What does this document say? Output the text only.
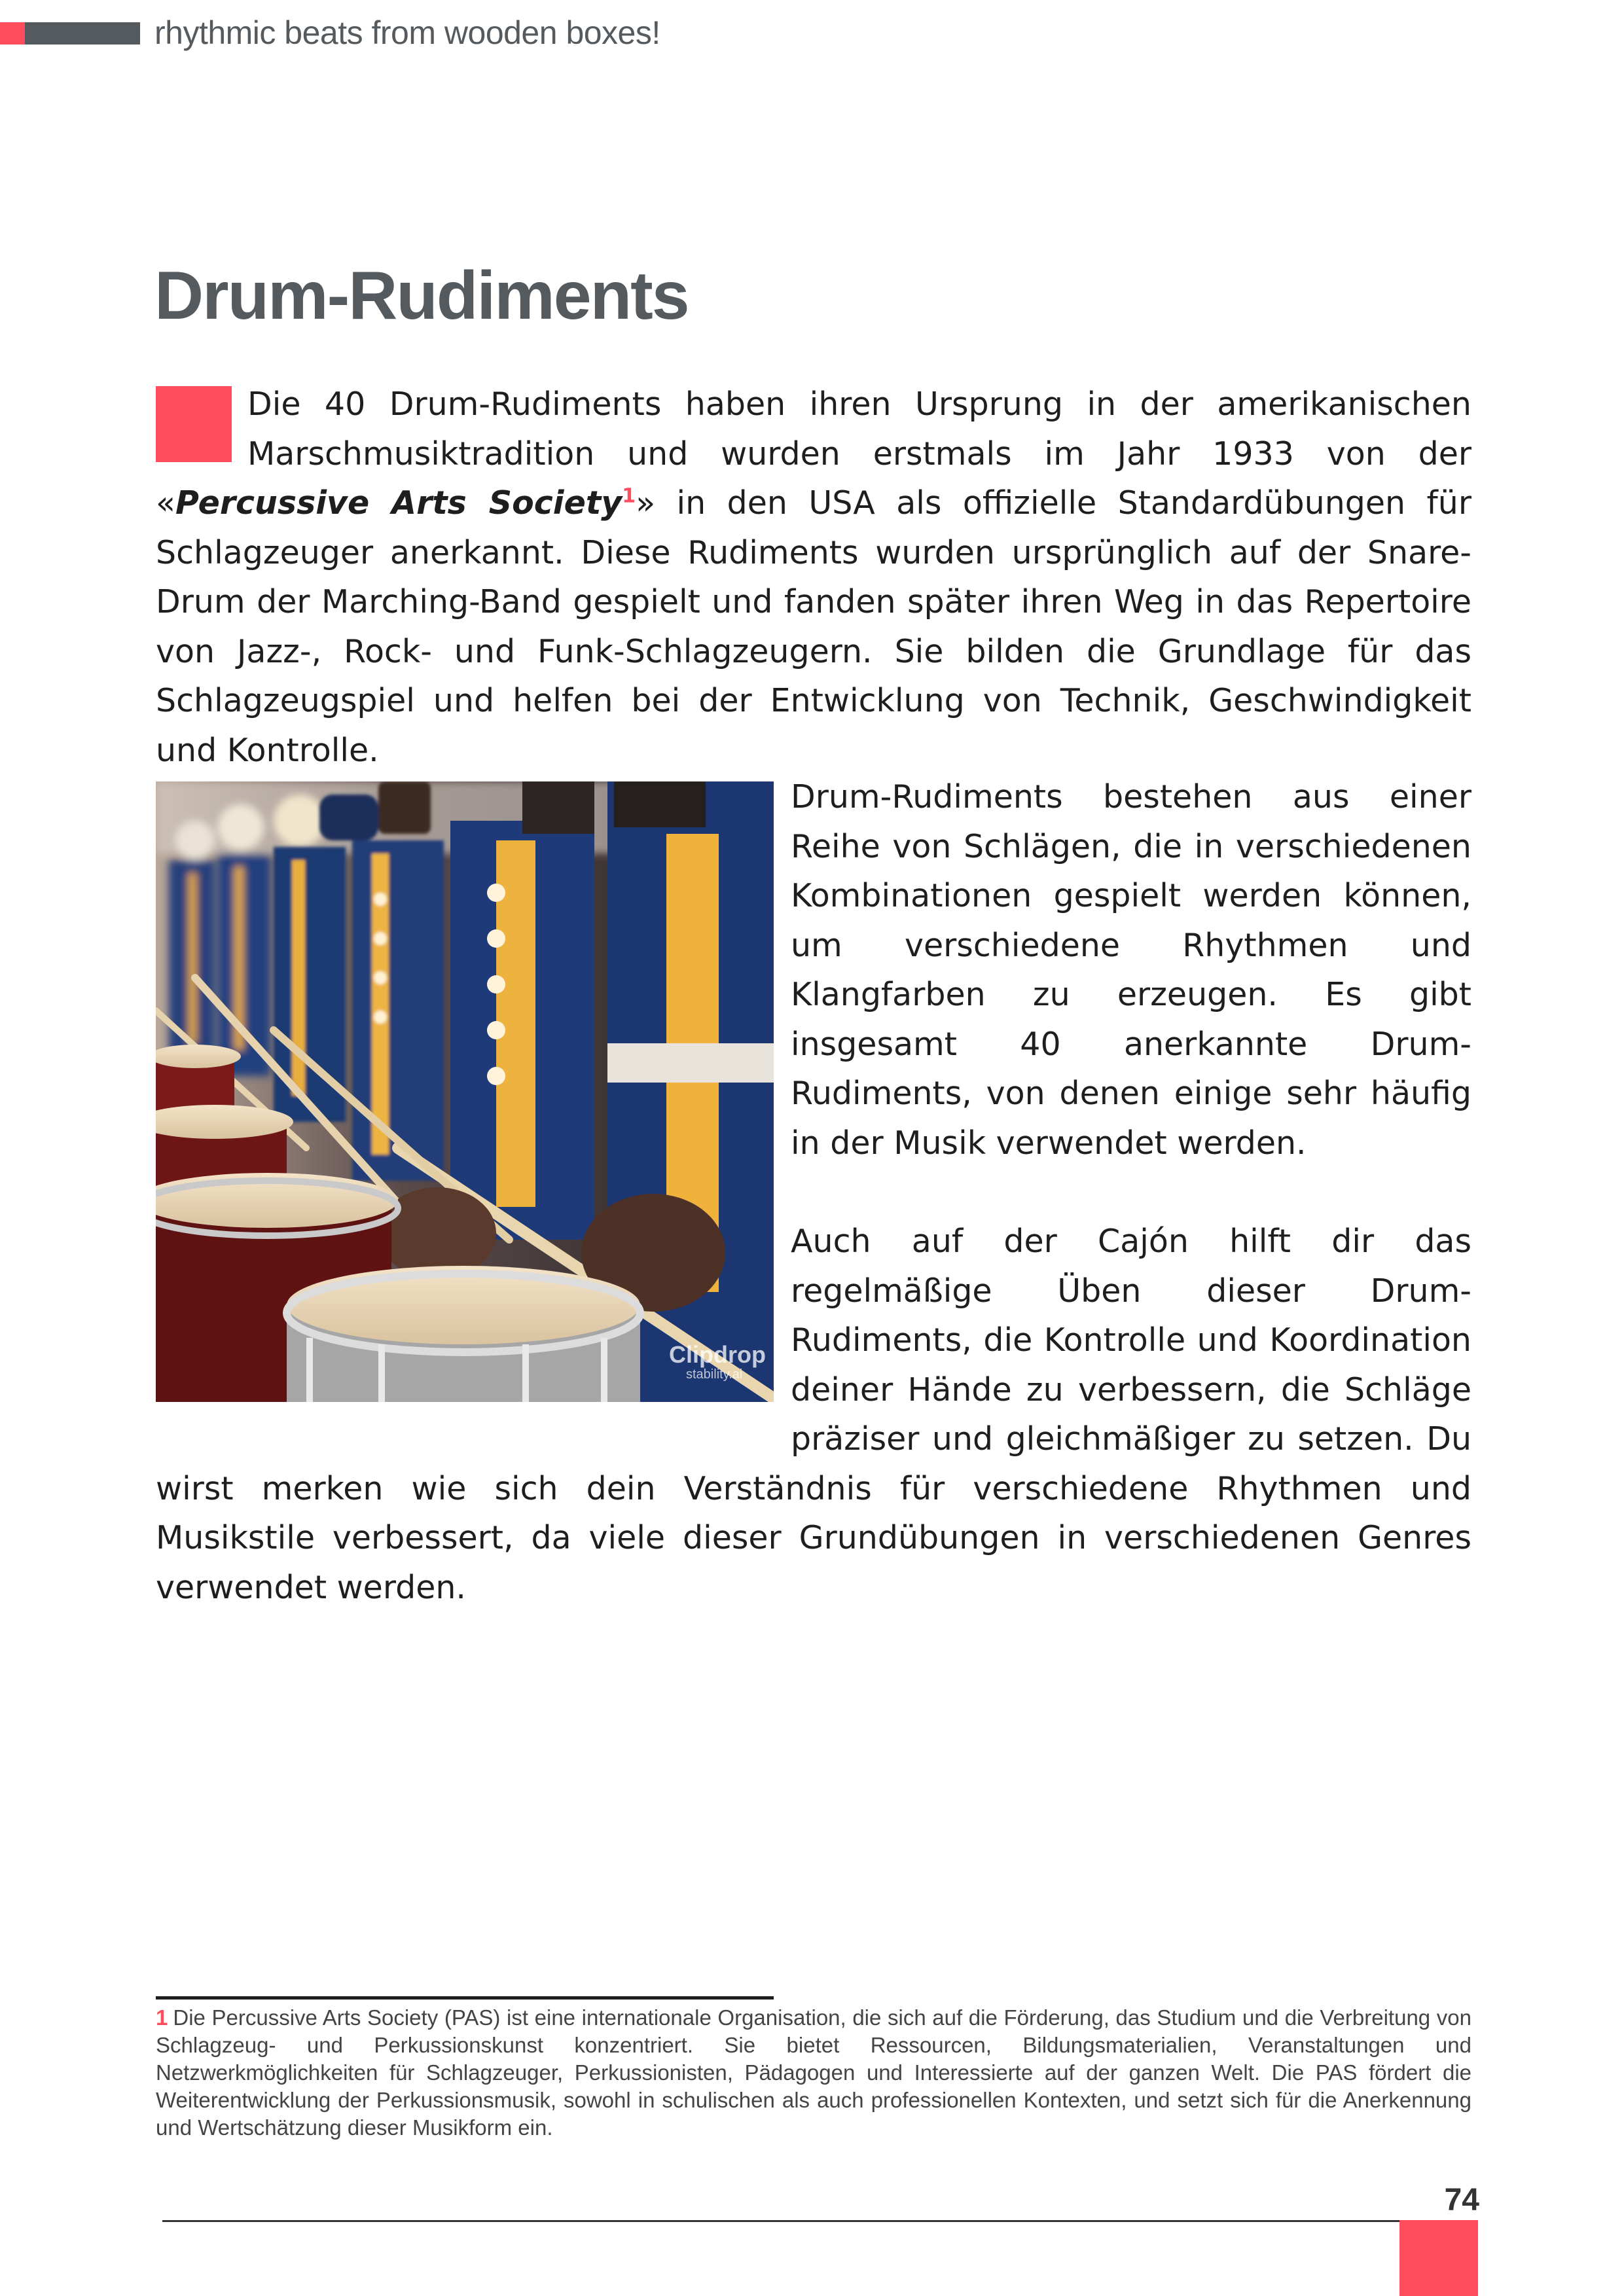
rhythmic beats from wooden boxes!
Drum-Rudiments

Die 40 Drum-Rudiments haben ihren Ursprung in der amerikanischen Marschmusiktradition und wurden erstmals im Jahr 1933 von der «Percussive Arts Society$^1$» in den USA als offizielle Standardübungen für Schlagzeuger anerkannt. Diese Rudiments wurden ursprünglich auf der Snare-Drum der Marching-Band gespielt und fanden später ihren Weg in das Repertoire von Jazz-, Rock- und Funk-Schlagzeugern. Sie bilden die Grundlage für das Schlagzeugspiel und helfen bei der Entwicklung von Technik, Geschwindigkeit und Kontrolle.

Clipdrop
stability.ai

Drum-Rudiments bestehen aus einer Reihe von Schlägen, die in verschiedenen Kombinationen gespielt werden können, um verschiedene Rhythmen und Klangfarben zu erzeugen. Es gibt insgesamt 40 anerkannte Drum-Rudiments, von denen einige sehr häufig in der Musik verwendet werden.

Auch auf der Cajón hilft dir das regelmäßige Üben dieser Drum-Rudiments, die Kontrolle und Koordination deiner Hände zu verbessern, die Schläge präziser und gleichmäßiger zu setzen. Du wirst merken wie sich dein Verständnis für verschiedene Rhythmen und Musikstile verbessert, da viele dieser Grundübungen in verschiedenen Genres verwendet werden.

1 Die Percussive Arts Society (PAS) ist eine internationale Organisation, die sich auf die Förderung, das Studium und die Verbreitung von Schlagzeug- und Perkussionskunst konzentriert. Sie bietet Ressourcen, Bildungsmaterialien, Veranstaltungen und Netzwerkmöglichkeiten für Schlagzeuger, Perkussionisten, Pädagogen und Interessierte auf der ganzen Welt. Die PAS fördert die Weiterentwicklung der Perkussionsmusik, sowohl in schulischen als auch professionellen Kontexten, und setzt sich für die Anerkennung und Wertschätzung dieser Musikform ein.

74
